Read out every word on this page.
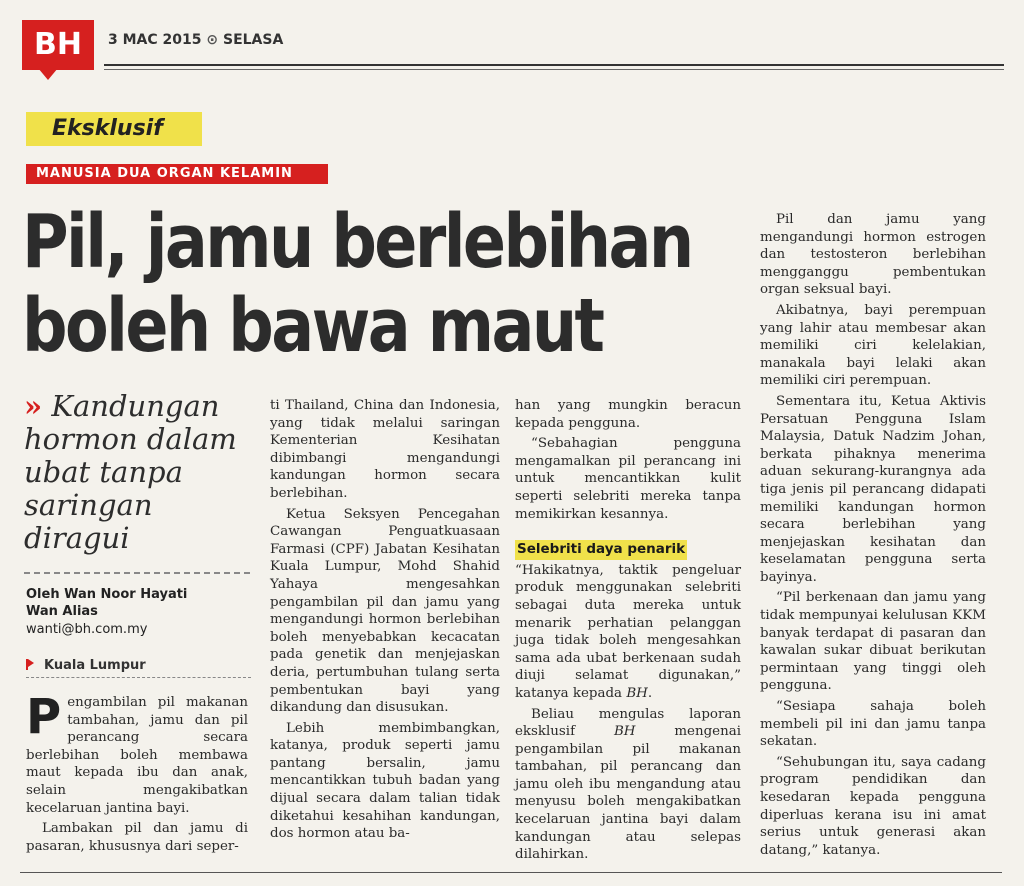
BH	3 MAC 2015 ⊙ SELASA
Eksklusif
MANUSIA DUA ORGAN KELAMIN
Pil, jamu berlebihan
boleh bawa maut
» Kandungan hormon dalam ubat tanpa saringan diragui
Oleh Wan Noor Hayati
Wan Alias
wanti@bh.com.my
Kuala Lumpur

Pengambilan pil makanan tambahan, jamu dan pil perancang secara berlebihan boleh membawa maut kepada ibu dan anak, selain mengakibatkan kecelaruan jantina bayi.

Lambakan pil dan jamu di pasaran, khususnya dari seper-

ti Thailand, China dan Indonesia, yang tidak melalui saringan Kementerian Kesihatan dibimbangi mengandungi kandungan hormon secara berlebihan.

Ketua Seksyen Pencegahan Cawangan Penguatkuasaan Farmasi (CPF) Jabatan Kesihatan Kuala Lumpur, Mohd Shahid Yahaya mengesahkan pengambilan pil dan jamu yang mengandungi hormon berlebihan boleh menyebabkan kecacatan pada genetik dan menjejaskan deria, pertumbuhan tulang serta pembentukan bayi yang dikandung dan disusukan.

Lebih membimbangkan, katanya, produk seperti jamu pantang bersalin, jamu mencantikkan tubuh badan yang dijual secara dalam talian tidak diketahui kesahihan kandungan, dos hormon atau ba-

han yang mungkin beracun kepada pengguna.

“Sebahagian pengguna mengamalkan pil perancang ini untuk mencantikkan kulit seperti selebriti mereka tanpa memikirkan kesannya.

Selebriti daya penarik

“Hakikatnya, taktik pengeluar produk menggunakan selebriti sebagai duta mereka untuk menarik perhatian pelanggan juga tidak boleh mengesahkan sama ada ubat berkenaan sudah diuji selamat digunakan,” katanya kepada BH.

Beliau mengulas laporan eksklusif	BH	mengenai pengambilan pil makanan tambahan, pil perancang dan jamu oleh ibu mengandung atau menyusu boleh mengakibatkan kecelaruan jantina bayi dalam kandungan atau selepas dilahirkan.

Pil dan jamu yang mengandungi hormon estrogen dan testosteron berlebihan mengganggu pembentukan organ seksual bayi.

Akibatnya, bayi perempuan yang lahir atau membesar akan memiliki ciri kelelakian, manakala bayi lelaki akan memiliki ciri perempuan.

Sementara itu, Ketua Aktivis Persatuan Pengguna Islam Malaysia, Datuk Nadzim Johan, berkata pihaknya menerima aduan sekurang-kurangnya ada tiga jenis pil perancang didapati memiliki kandungan hormon secara berlebihan yang menjejaskan kesihatan dan keselamatan pengguna serta bayinya.

“Pil berkenaan dan jamu yang tidak mempunyai kelulusan KKM banyak terdapat di pasaran dan kawalan sukar dibuat berikutan permintaan yang tinggi oleh pengguna.

“Sesiapa sahaja boleh membeli pil ini dan jamu tanpa sekatan.

“Sehubungan itu, saya cadang program pendidikan dan kesedaran kepada pengguna diperluas kerana isu ini amat serius untuk generasi akan datang,” katanya.
